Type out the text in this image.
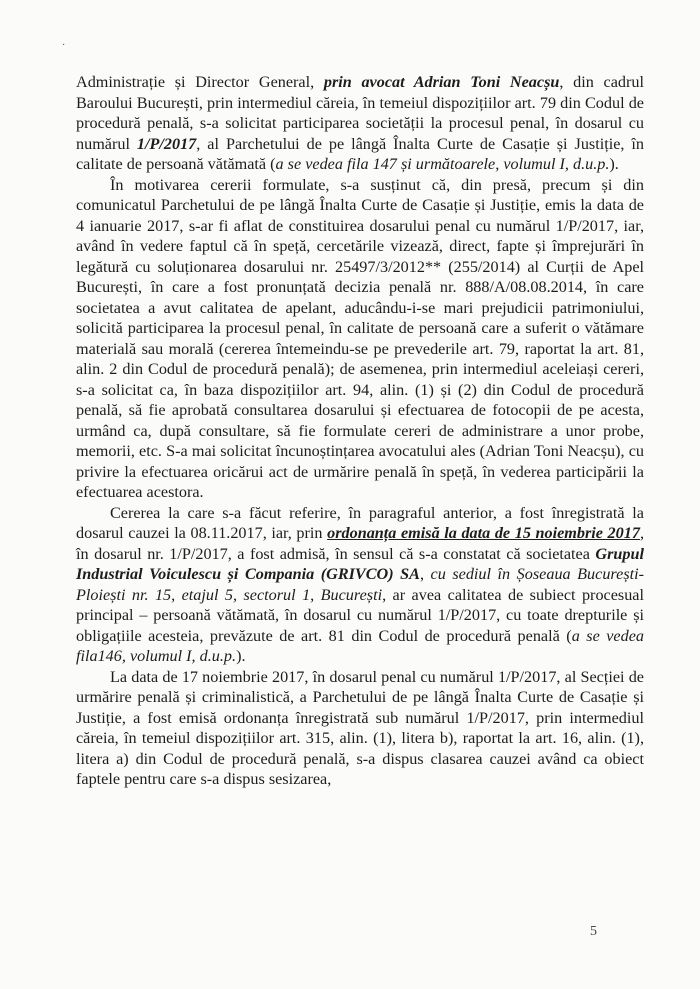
·

Administrație și Director General, prin avocat Adrian Toni Neacșu, din cadrul Baroului București, prin intermediul căreia, în temeiul dispozițiilor art. 79 din Codul de procedură penală, s-a solicitat participarea societății la procesul penal, în dosarul cu numărul 1/P/2017, al Parchetului de pe lângă Înalta Curte de Casație și Justiție, în calitate de persoană vătămată (a se vedea fila 147 și următoarele, volumul I, d.u.p.).

În motivarea cererii formulate, s-a susținut că, din presă, precum și din comunicatul Parchetului de pe lângă Înalta Curte de Casație și Justiție, emis la data de 4 ianuarie 2017, s-ar fi aflat de constituirea dosarului penal cu numărul 1/P/2017, iar, având în vedere faptul că în speță, cercetările vizează, direct, fapte și împrejurări în legătură cu soluționarea dosarului nr. 25497/3/2012** (255/2014) al Curții de Apel București, în care a fost pronunțată decizia penală nr. 888/A/08.08.2014, în care societatea a avut calitatea de apelant, aducându-i-se mari prejudicii patrimoniului, solicită participarea la procesul penal, în calitate de persoană care a suferit o vătămare materială sau morală (cererea întemeindu-se pe prevederile art. 79, raportat la art. 81, alin. 2 din Codul de procedură penală); de asemenea, prin intermediul aceleiași cereri, s-a solicitat ca, în baza dispozițiilor art. 94, alin. (1) și (2) din Codul de procedură penală, să fie aprobată consultarea dosarului și efectuarea de fotocopii de pe acesta, urmând ca, după consultare, să fie formulate cereri de administrare a unor probe, memorii, etc. S-a mai solicitat încunoștințarea avocatului ales (Adrian Toni Neacșu), cu privire la efectuarea oricărui act de urmărire penală în speță, în vederea participării la efectuarea acestora.

Cererea la care s-a făcut referire, în paragraful anterior, a fost înregistrată la dosarul cauzei la 08.11.2017, iar, prin ordonanța emisă la data de 15 noiembrie 2017, în dosarul nr. 1/P/2017, a fost admisă, în sensul că s-a constatat că societatea Grupul Industrial Voiculescu și Compania (GRIVCO) SA, cu sediul în Șoseaua București-Ploiești nr. 15, etajul 5, sectorul 1, București, ar avea calitatea de subiect procesual principal – persoană vătămată, în dosarul cu numărul 1/P/2017, cu toate drepturile și obligațiile acesteia, prevăzute de art. 81 din Codul de procedură penală (a se vedea fila146, volumul I, d.u.p.).

La data de 17 noiembrie 2017, în dosarul penal cu numărul 1/P/2017, al Secției de urmărire penală și criminalistică, a Parchetului de pe lângă Înalta Curte de Casație și Justiție, a fost emisă ordonanța înregistrată sub numărul 1/P/2017, prin intermediul căreia, în temeiul dispozițiilor art. 315, alin. (1), litera b), raportat la art. 16, alin. (1), litera a) din Codul de procedură penală, s-a dispus clasarea cauzei având ca obiect faptele pentru care s-a dispus sesizarea,

5
